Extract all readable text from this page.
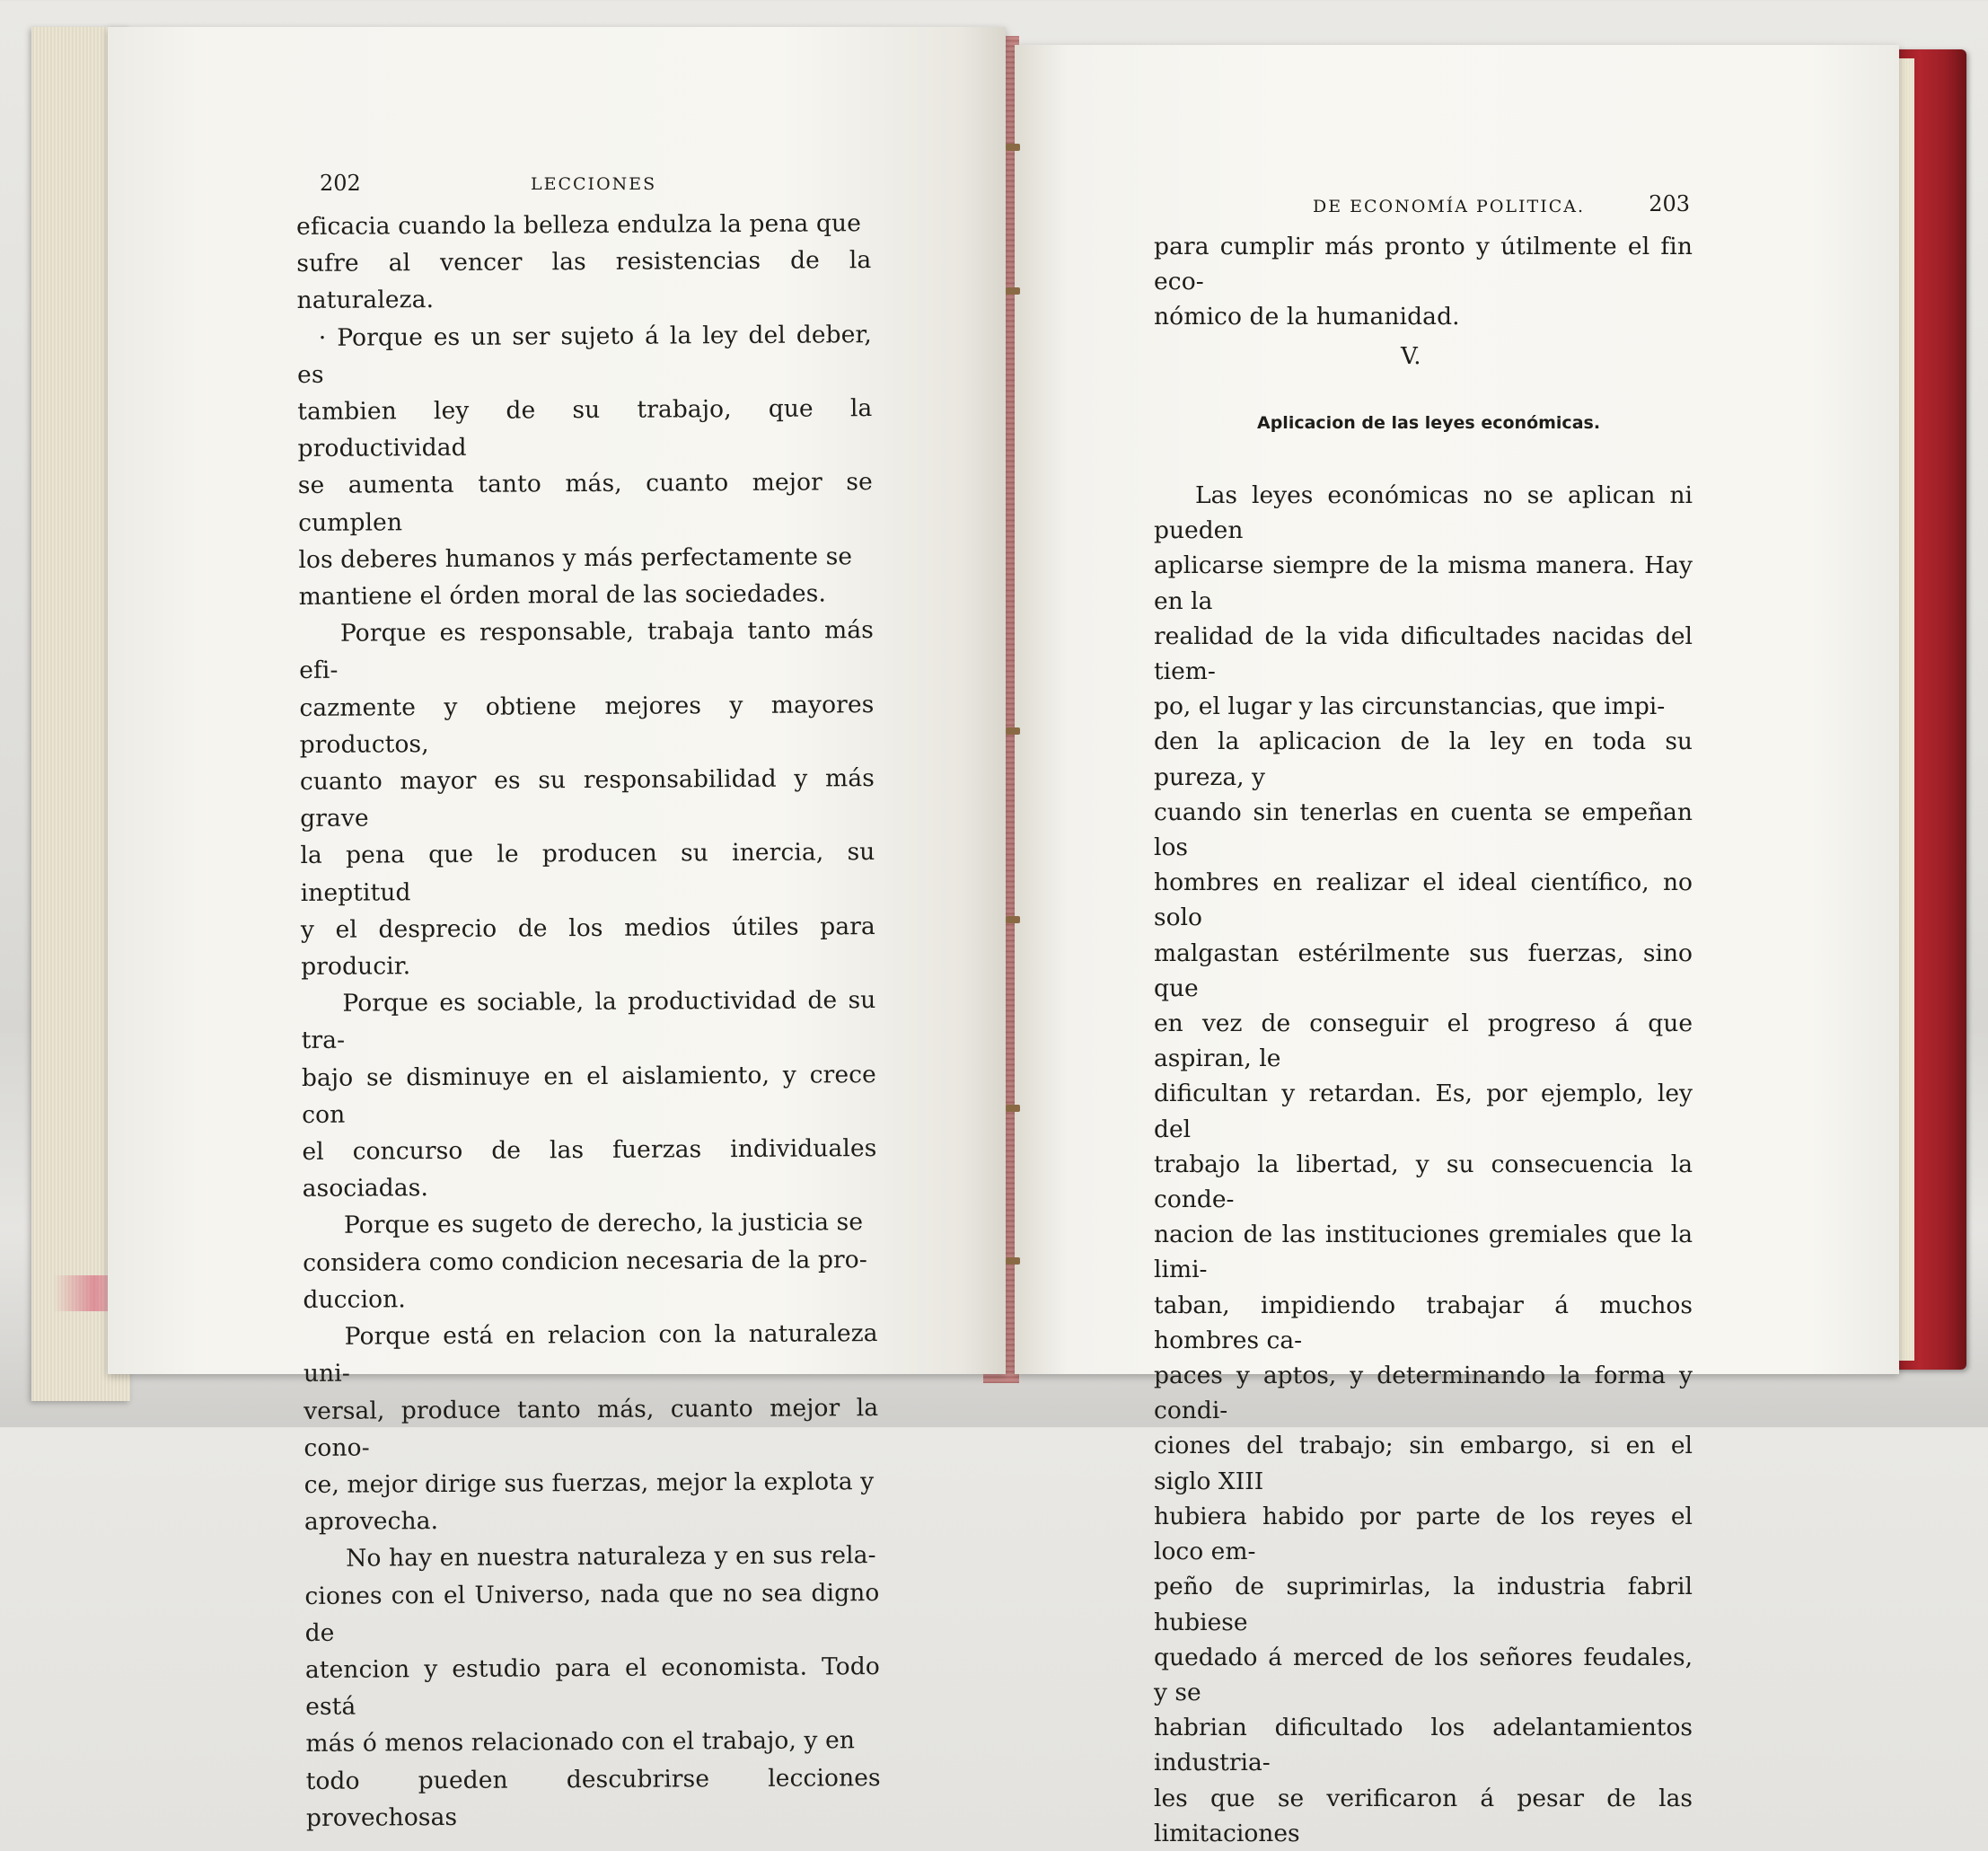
202	LECCIONES

eficacia cuando la belleza endulza la pena que
sufre al vencer las resistencias de la naturaleza.

· Porque es un ser sujeto á la ley del deber, es
tambien ley de su trabajo, que la productividad
se aumenta tanto más, cuanto mejor se cumplen
los deberes humanos y más perfectamente se
mantiene el órden moral de las sociedades.

Porque es responsable, trabaja tanto más efi-
cazmente y obtiene mejores y mayores productos,
cuanto mayor es su responsabilidad y más grave
la pena que le producen su inercia, su ineptitud
y el desprecio de los medios útiles para producir.

Porque es sociable, la productividad de su tra-
bajo se disminuye en el aislamiento, y crece con
el concurso de las fuerzas individuales asociadas.

Porque es sugeto de derecho, la justicia se
considera como condicion necesaria de la pro-
duccion.

Porque está en relacion con la naturaleza uni-
versal, produce tanto más, cuanto mejor la cono-
ce, mejor dirige sus fuerzas, mejor la explota y
aprovecha.

No hay en nuestra naturaleza y en sus rela-
ciones con el Universo, nada que no sea digno de
atencion y estudio para el economista. Todo está
más ó menos relacionado con el trabajo, y en
todo pueden descubrirse lecciones provechosas

DE ECONOMÍA POLITICA.	203

para cumplir más pronto y útilmente el fin eco-
nómico de la humanidad.

V.
Aplicacion de las leyes económicas.

Las leyes económicas no se aplican ni pueden
aplicarse siempre de la misma manera. Hay en la
realidad de la vida dificultades nacidas del tiem-
po, el lugar y las circunstancias, que impi-
den la aplicacion de la ley en toda su pureza, y
cuando sin tenerlas en cuenta se empeñan los
hombres en realizar el ideal científico, no solo
malgastan estérilmente sus fuerzas, sino que
en vez de conseguir el progreso á que aspiran, le
dificultan y retardan. Es, por ejemplo, ley del
trabajo la libertad, y su consecuencia la conde-
nacion de las instituciones gremiales que la limi-
taban, impidiendo trabajar á muchos hombres ca-
paces y aptos, y determinando la forma y condi-
ciones del trabajo; sin embargo, si en el siglo XIII
hubiera habido por parte de los reyes el loco em-
peño de suprimirlas, la industria fabril hubiese
quedado á merced de los señores feudales, y se
habrian dificultado los adelantamientos industria-
les que se verificaron á pesar de las limitaciones
